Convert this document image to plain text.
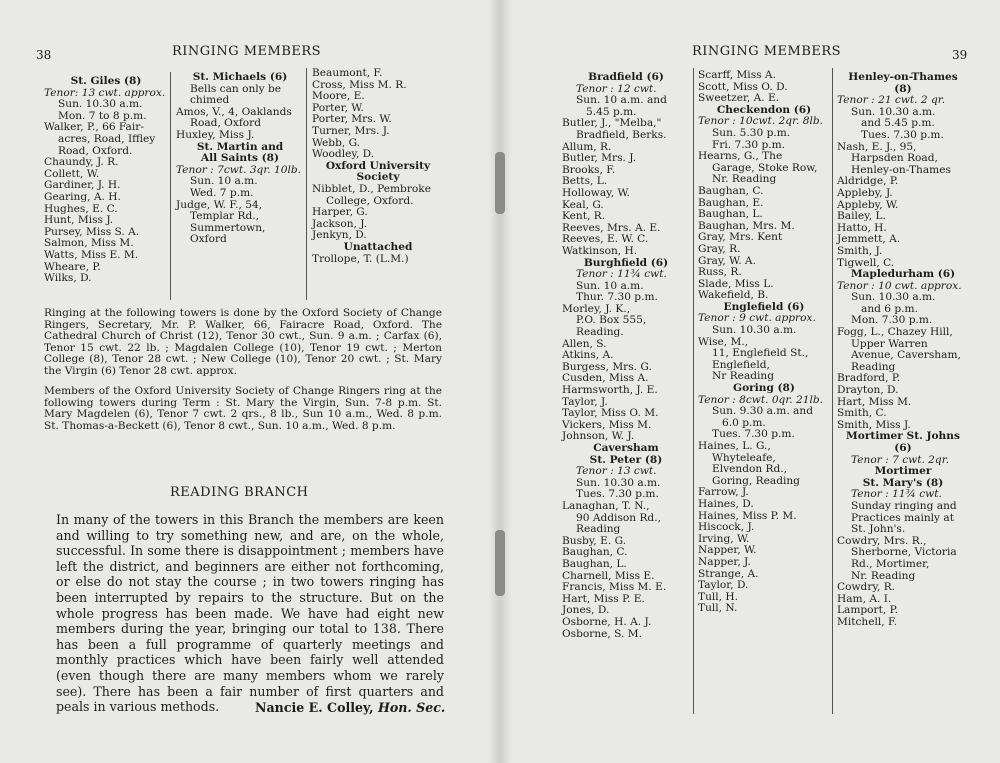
38	RINGING MEMBERS
St. Giles (8)
Tenor: 13 cwt. approx.
Sun. 10.30 a.m.
Mon. 7 to 8 p.m.
Walker, P., 66 Fair-
acres, Road, Iffley
Road, Oxford.
Chaundy, J. R.
Collett, W.
Gardiner, J. H.
Gearing, A. H.
Hughes, E. C.
Hunt, Miss J.
Pursey, Miss S. A.
Salmon, Miss M.
Watts, Miss E. M.
Wheare, P.
Wilks, D.
St. Michaels (6)
Bells can only be
chimed
Amos, V., 4, Oaklands
Road, Oxford
Huxley, Miss J.
St. Martin and
All Saints (8)
Tenor : 7cwt. 3qr. 10lb.
Sun. 10 a.m.
Wed. 7 p.m.
Judge, W. F., 54,
Templar Rd.,
Summertown,
Oxford
Beaumont, F.
Cross, Miss M. R.
Moore, E.
Porter, W.
Porter, Mrs. W.
Turner, Mrs. J.
Webb, G.
Woodley, D.
Oxford University
Society
Nibblet, D., Pembroke
College, Oxford.
Harper, G.
Jackson, J.
Jenkyn, D.
Unattached
Trollope, T. (L.M.)

Ringing at the following towers is done by the Oxford Society of Change Ringers, Secretary, Mr. P. Walker, 66, Fairacre Road, Oxford. The Cathedral Church of Christ (12), Tenor 30 cwt., Sun. 9 a.m. ; Carfax (6), Tenor 15 cwt. 22 lb. ; Magdalen College (10), Tenor 19 cwt. ; Merton College (8), Tenor 28 cwt. ; New College (10), Tenor 20 cwt. ; St. Mary the Virgin (6) Tenor 28 cwt. approx.

Members of the Oxford University Society of Change Ringers ring at the following towers during Term : St. Mary the Virgin, Sun. 7-8 p.m. St. Mary Magdelen (6), Tenor 7 cwt. 2 qrs., 8 lb., Sun 10 a.m., Wed. 8 p.m. St. Thomas-a-Beckett (6), Tenor 8 cwt., Sun. 10 a.m., Wed. 8 p.m.

READING BRANCH
In many of the towers in this Branch the members are keen and willing to try something new, and are, on the whole, successful. In some there is disappointment ; members have left the district, and beginners are either not forthcoming, or else do not stay the course ; in two towers ringing has been interrupted by repairs to the structure. But on the whole progress has been made. We have had eight new members during the year, bringing our total to 138. There has been a full programme of quarterly meetings and monthly practices which have been fairly well attended (even though there are many members whom we rarely see). There has been a fair number of first quarters and peals in various methods.	Nancie E. Colley, Hon. Sec.
RINGING MEMBERS	39
Bradfield (6)
Tenor : 12 cwt.
Sun. 10 a.m. and
5.45 p.m.
Butler, J., "Melba,"
Bradfield, Berks.
Allum, R.
Butler, Mrs. J.
Brooks, F.
Betts, L.
Holloway, W.
Keal, G.
Kent, R.
Reeves, Mrs. A. E.
Reeves, E. W. C.
Watkinson, H.
Burghfield (6)
Tenor : 11¾ cwt.
Sun. 10 a.m.
Thur. 7.30 p.m.
Morley, J. K.,
P.O. Box 555,
Reading.
Allen, S.
Atkins, A.
Burgess, Mrs. G.
Cusden, Miss A.
Harmsworth, J. E.
Taylor, J.
Taylor, Miss O. M.
Vickers, Miss M.
Johnson, W. J.
Caversham
St. Peter (8)
Tenor : 13 cwt.
Sun. 10.30 a.m.
Tues. 7.30 p.m.
Lanaghan, T. N.,
90 Addison Rd.,
Reading
Busby, E. G.
Baughan, C.
Baughan, L.
Charnell, Miss E.
Francis, Miss M. E.
Hart, Miss P. E.
Jones, D.
Osborne, H. A. J.
Osborne, S. M.
Scarff, Miss A.
Scott, Miss O. D.
Sweetzer, A. E.
Checkendon (6)
Tenor : 10cwt. 2qr. 8lb.
Sun. 5.30 p.m.
Fri. 7.30 p.m.
Hearns, G., The
Garage, Stoke Row,
Nr. Reading
Baughan, C.
Baughan, E.
Baughan, L.
Baughan, Mrs. M.
Gray, Mrs. Kent
Gray, R.
Gray, W. A.
Russ, R.
Slade, Miss L.
Wakefield, B.
Englefield (6)
Tenor : 9 cwt. approx.
Sun. 10.30 a.m.
Wise, M.,
11, Englefield St.,
Englefield,
Nr Reading
Goring (8)
Tenor : 8cwt. 0qr. 21lb.
Sun. 9.30 a.m. and
6.0 p.m.
Tues. 7.30 p.m.
Haines, L. G.,
Whyteleafe,
Elvendon Rd.,
Goring, Reading
Farrow, J.
Haines, D.
Haines, Miss P. M.
Hiscock, J.
Irving, W.
Napper, W.
Napper, J.
Strange, A.
Taylor, D.
Tull, H.
Tull, N.
Henley-on-Thames
(8)
Tenor : 21 cwt. 2 qr.
Sun. 10.30 a.m.
and 5.45 p.m.
Tues. 7.30 p.m.
Nash, E. J., 95,
Harpsden Road,
Henley-on-Thames
Aldridge, P.
Appleby, J.
Appleby, W.
Bailey, L.
Hatto, H.
Jemmett, A.
Smith, J.
Tigwell, C.
Mapledurham (6)
Tenor : 10 cwt. approx.
Sun. 10.30 a.m.
and 6 p.m.
Mon. 7.30 p.m.
Fogg, L., Chazey Hill,
Upper Warren
Avenue, Caversham,
Reading
Bradford, P.
Drayton, D.
Hart, Miss M.
Smith, C.
Smith, Miss J.
Mortimer St. Johns
(6)
Tenor : 7 cwt. 2qr.
Mortimer
St. Mary's (8)
Tenor : 11¾ cwt.
Sunday ringing and
Practices mainly at
St. John's.
Cowdry, Mrs. R.,
Sherborne, Victoria
Rd., Mortimer,
Nr. Reading
Cowdry, R.
Ham, A. I.
Lamport, P.
Mitchell, F.
